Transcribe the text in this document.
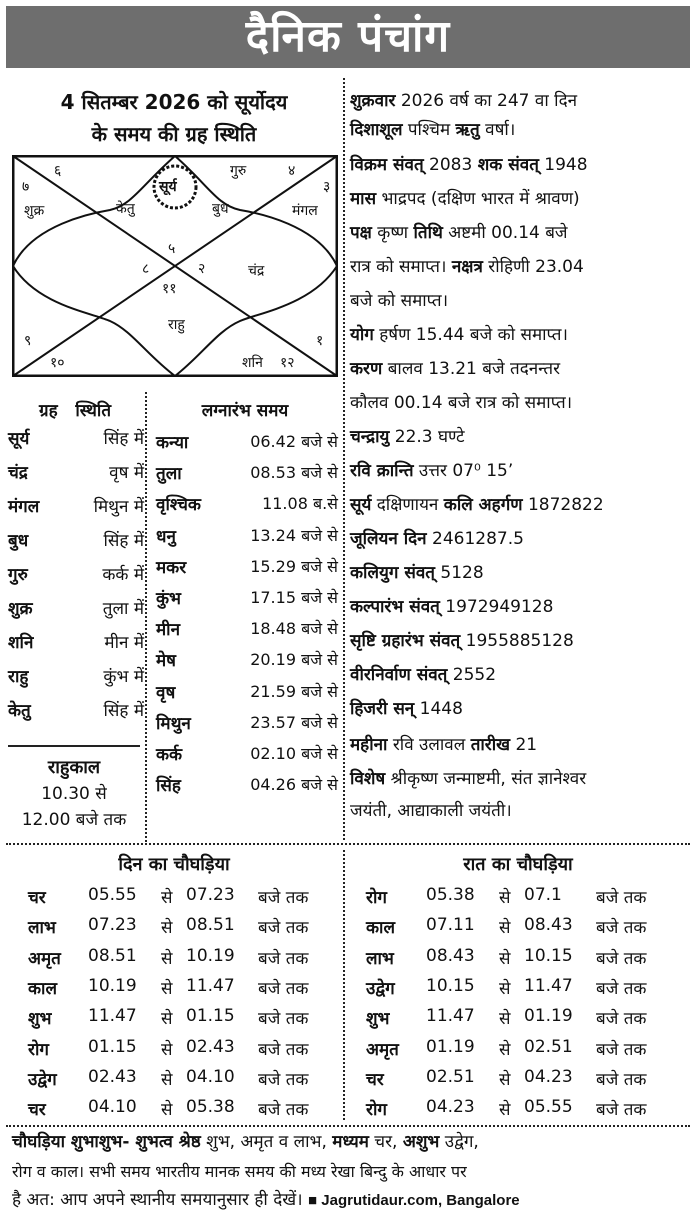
दैनिक पंचांग
4 सितम्बर 2026 को सूर्योदय
के समय की ग्रह स्थिति
सूर्य
६	गुरु	४
७	३
शुक्र	केतु	बुध	मंगल
५
८	२	चंद्र
११
राहु
९	१
१०	शनि १२
ग्रह स्थिति
सूर्य	सिंह में
चंद्र	वृष में
मंगल	मिथुन में
बुध	सिंह में
गुरु	कर्क में
शुक्र	तुला में
शनि	मीन में
राहु	कुंभ में
केतु	सिंह में
राहुकाल
10.30 से
12.00 बजे तक
लग्नारंभ समय
कन्या	06.42 बजे से
तुला	08.53 बजे से
वृश्चिक	11.08 ब.से
धनु	13.24 बजे से
मकर	15.29 बजे से
कुंभ	17.15 बजे से
मीन	18.48 बजे से
मेष	20.19 बजे से
वृष	21.59 बजे से
मिथुन	23.57 बजे से
कर्क	02.10 बजे से
सिंह	04.26 बजे से
शुक्रवार 2026 वर्ष का 247 वा दिन
दिशाशूल पश्चिम ऋतु वर्षा।
विक्रम संवत् 2083 शक संवत् 1948
मास भाद्रपद (दक्षिण भारत में श्रावण)
पक्ष कृष्ण तिथि अष्टमी 00.14 बजे
रात्र को समाप्त। नक्षत्र रोहिणी 23.04
बजे को समाप्त।
योग हर्षण 15.44 बजे को समाप्त।
करण बालव 13.21 बजे तदनन्तर
कौलव 00.14 बजे रात्र को समाप्त।
चन्द्रायु 22.3 घण्टे
रवि क्रान्ति उत्तर 07⁰ 15’
सूर्य दक्षिणायन कलि अहर्गण 1872822
जूलियन दिन 2461287.5
कलियुग संवत् 5128
कल्पारंभ संवत् 1972949128
सृष्टि ग्रहारंभ संवत् 1955885128
वीरनिर्वाण संवत् 2552
हिजरी सन् 1448
महीना रवि उलावल तारीख 21
विशेष श्रीकृष्ण जन्माष्टमी, संत ज्ञानेश्वर
जयंती, आद्याकाली जयंती।
दिन का चौघड़िया	रात का चौघड़िया
चर 05.55 से 07.23 बजे तक
लाभ 07.23 से 08.51 बजे तक
अमृत 08.51 से 10.19 बजे तक
काल 10.19 से 11.47 बजे तक
शुभ 11.47 से 01.15 बजे तक
रोग 01.15 से 02.43 बजे तक
उद्वेग 02.43 से 04.10 बजे तक
चर 04.10 से 05.38 बजे तक
रोग 05.38 से 07.1 बजे तक
काल 07.11 से 08.43 बजे तक
लाभ 08.43 से 10.15 बजे तक
उद्वेग 10.15 से 11.47 बजे तक
शुभ 11.47 से 01.19 बजे तक
अमृत 01.19 से 02.51 बजे तक
चर 02.51 से 04.23 बजे तक
रोग 04.23 से 05.55 बजे तक
चौघड़िया शुभाशुभ- शुभत्व श्रेष्ठ शुभ, अमृत व लाभ, मध्यम चर, अशुभ उद्वेग,
रोग व काल। सभी समय भारतीय मानक समय की मध्य रेखा बिन्दु के आधार पर
है अत: आप अपने स्थानीय समयानुसार ही देखें। ■ Jagrutidaur.com, Bangalore
